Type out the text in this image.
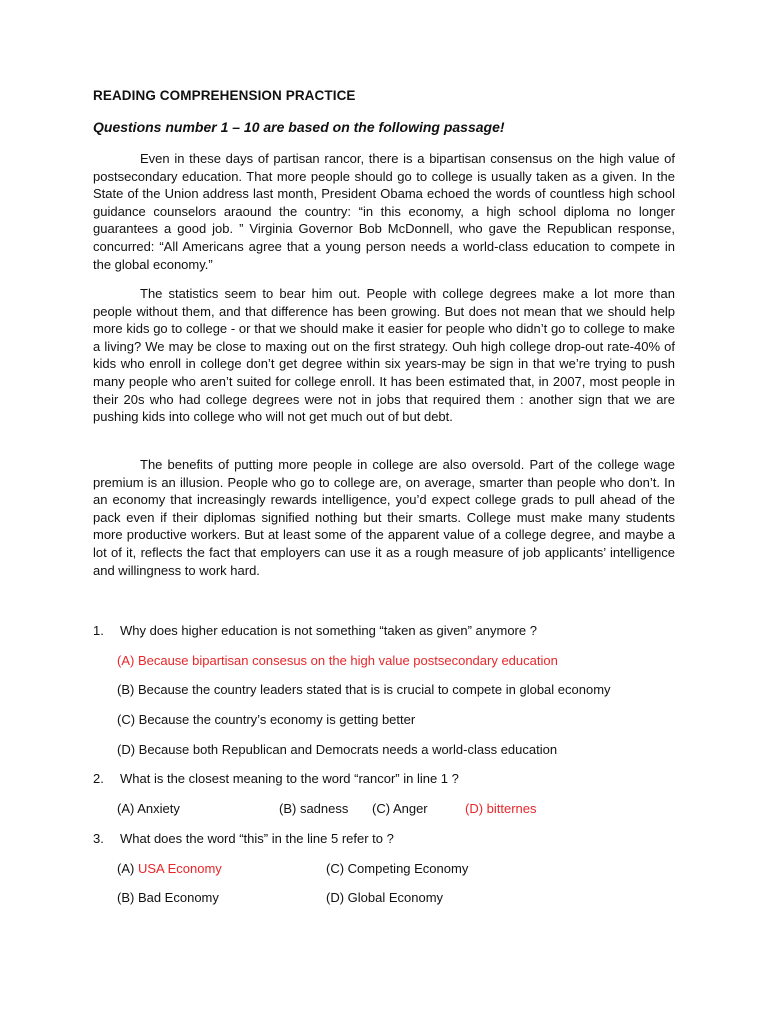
READING COMPREHENSION PRACTICE

Questions number 1 – 10 are based on the following passage!

Even in these days of partisan rancor, there is a bipartisan consensus on the high value of postsecondary education. That more people should go to college is usually taken as a given. In the State of the Union address last month, President Obama echoed the words of countless high school guidance counselors araound the country: “in this economy, a high school diploma no longer guarantees a good job. ” Virginia Governor Bob McDonnell, who gave the Republican response, concurred: “All Americans agree that a young person needs a world-class education to compete in the global economy.”

The statistics seem to bear him out. People with college degrees make a lot more than people without them, and that difference has been growing. But does not mean that we should help more kids go to college - or that we should make it easier for people who didn’t go to college to make a living? We may be close to maxing out on the first strategy. Ouh high college drop-out rate-40% of kids who enroll in college don’t get degree within six years-may be sign in that we’re trying to push many people who aren’t suited for college enroll. It has been estimated that, in 2007, most people in their 20s who had college degrees were not in jobs that required them : another sign that we are pushing kids into college who will not get much out of but debt.

The benefits of putting more people in college are also oversold. Part of the college wage premium is an illusion. People who go to college are, on average, smarter than people who don’t. In an economy that increasingly rewards intelligence, you’d expect college grads to pull ahead of the pack even if their diplomas signified nothing but their smarts. College must make many students more productive workers. But at least some of the apparent value of a college degree, and maybe a lot of it, reflects the fact that employers can use it as a rough measure of job applicants’ intelligence and willingness to work hard.

1. Why does higher education is not something “taken as given” anymore ?

(A) Because bipartisan consesus on the high value postsecondary education

(B) Because the country leaders stated that is is crucial to compete in global economy

(C) Because the country’s economy is getting better

(D) Because both Republican and Democrats needs a world-class education

2. What is the closest meaning to the word “rancor” in line 1 ?

(A) Anxiety	(B) sadness (C) Anger	(D) bitternes

3. What does the word “this” in the line 5 refer to ?

(A) USA Economy	(C) Competing Economy
(B) Bad Economy	(D) Global Economy
